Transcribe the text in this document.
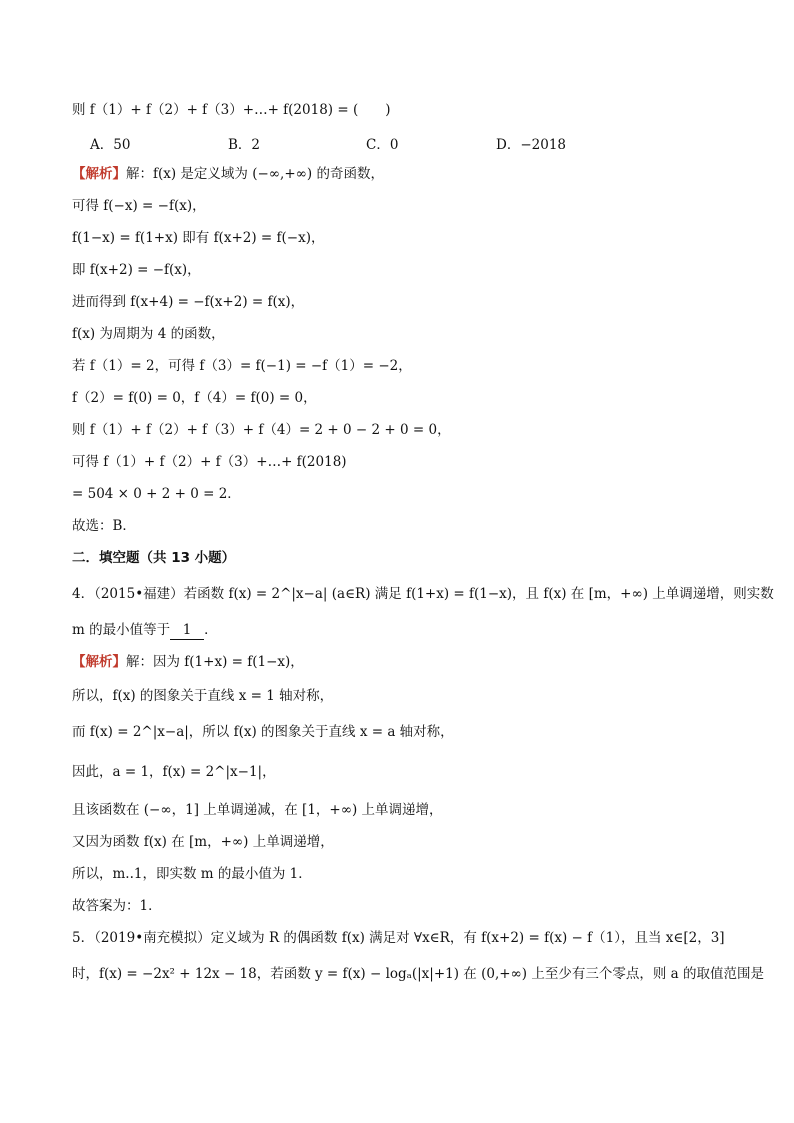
则 f（1）+ f（2）+ f（3）+…+ f(2018) = (　　)
A．50	B．2	C．0	D．−2018
【解析】解：f(x) 是定义域为 (−∞,+∞) 的奇函数，
可得 f(−x) = −f(x)，
f(1−x) = f(1+x) 即有 f(x+2) = f(−x)，
即 f(x+2) = −f(x)，
进而得到 f(x+4) = −f(x+2) = f(x)，
f(x) 为周期为 4 的函数，
若 f（1）= 2，可得 f（3）= f(−1) = −f（1）= −2，
f（2）= f(0) = 0，f（4）= f(0) = 0，
则 f（1）+ f（2）+ f（3）+ f（4）= 2 + 0 − 2 + 0 = 0，
可得 f（1）+ f（2）+ f（3）+…+ f(2018)
= 504 × 0 + 2 + 0 = 2．
故选：B．
二．填空题（共 13 小题）
4．（2015•福建）若函数 f(x) = 2^|x−a| (a∈R) 满足 f(1+x) = f(1−x)，且 f(x) 在 [m，+∞) 上单调递增，则实数
m 的最小值等于 1 ．
【解析】解：因为 f(1+x) = f(1−x)，
所以，f(x) 的图象关于直线 x = 1 轴对称，
而 f(x) = 2^|x−a|，所以 f(x) 的图象关于直线 x = a 轴对称，
因此，a = 1，f(x) = 2^|x−1|，
且该函数在 (−∞，1] 上单调递减，在 [1，+∞) 上单调递增，
又因为函数 f(x) 在 [m，+∞) 上单调递增，
所以，m..1，即实数 m 的最小值为 1．
故答案为：1．
5．（2019•南充模拟）定义域为 R 的偶函数 f(x) 满足对 ∀x∈R，有 f(x+2) = f(x) − f（1），且当 x∈[2，3]
时，f(x) = −2x² + 12x − 18，若函数 y = f(x) − logₐ(|x|+1) 在 (0,+∞) 上至少有三个零点，则 a 的取值范围是
